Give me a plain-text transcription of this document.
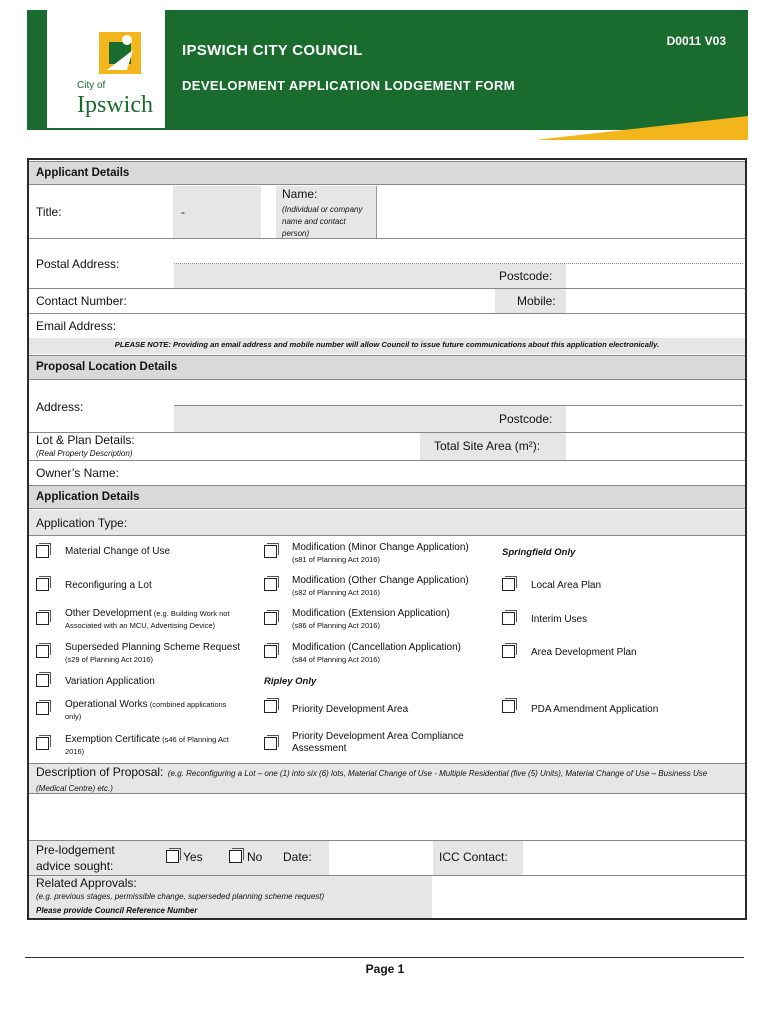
City of
Ipswich
IPSWICH CITY COUNCIL
DEVELOPMENT APPLICATION LODGEMENT FORM
D0011 V03
Applicant Details
Title:	-
Name:
(Individual or company name and contact person)
Postal Address:
Postcode:
Contact Number:	Mobile:
Email Address:
PLEASE NOTE: Providing an email address and mobile number will allow Council to issue future communications about this application electronically.
Proposal Location Details
Address:
Postcode:
Lot & Plan Details:
(Real Property Description)
Total Site Area (m²):
Owner’s Name:
Application Details
Application Type:
Material Change of Use
Reconfiguring a Lot
Other Development (e.g. Building Work not
Associated with an MCU, Advertising Device)
Superseded Planning Scheme Request
(s29 of Planning Act 2016)
Variation Application
Operational Works (combined applications
only)
Exemption Certificate (s46 of Planning Act
2016)
Modification (Minor Change Application)
(s81 of Planning Act 2016)
Modification (Other Change Application)
(s82 of Planning Act 2016)
Modification (Extension Application)
(s86 of Planning Act 2016)
Modification (Cancellation Application)
(s84 of Planning Act 2016)
Ripley Only
Priority Development Area
Priority Development Area Compliance Assessment
Springfield Only
Local Area Plan
Interim Uses
Area Development Plan
PDA Amendment Application
Description of Proposal: (e.g. Reconfiguring a Lot – one (1) into six (6) lots, Material Change of Use - Multiple Residential (five (5) Units), Material Change of Use – Business Use (Medical Centre) etc.)
Pre-lodgement advice sought:
Yes	No Date:	ICC Contact:
Related Approvals:
(e.g. previous stages, permissible change, superseded planning scheme request)
Please provide Council Reference Number
Page 1
